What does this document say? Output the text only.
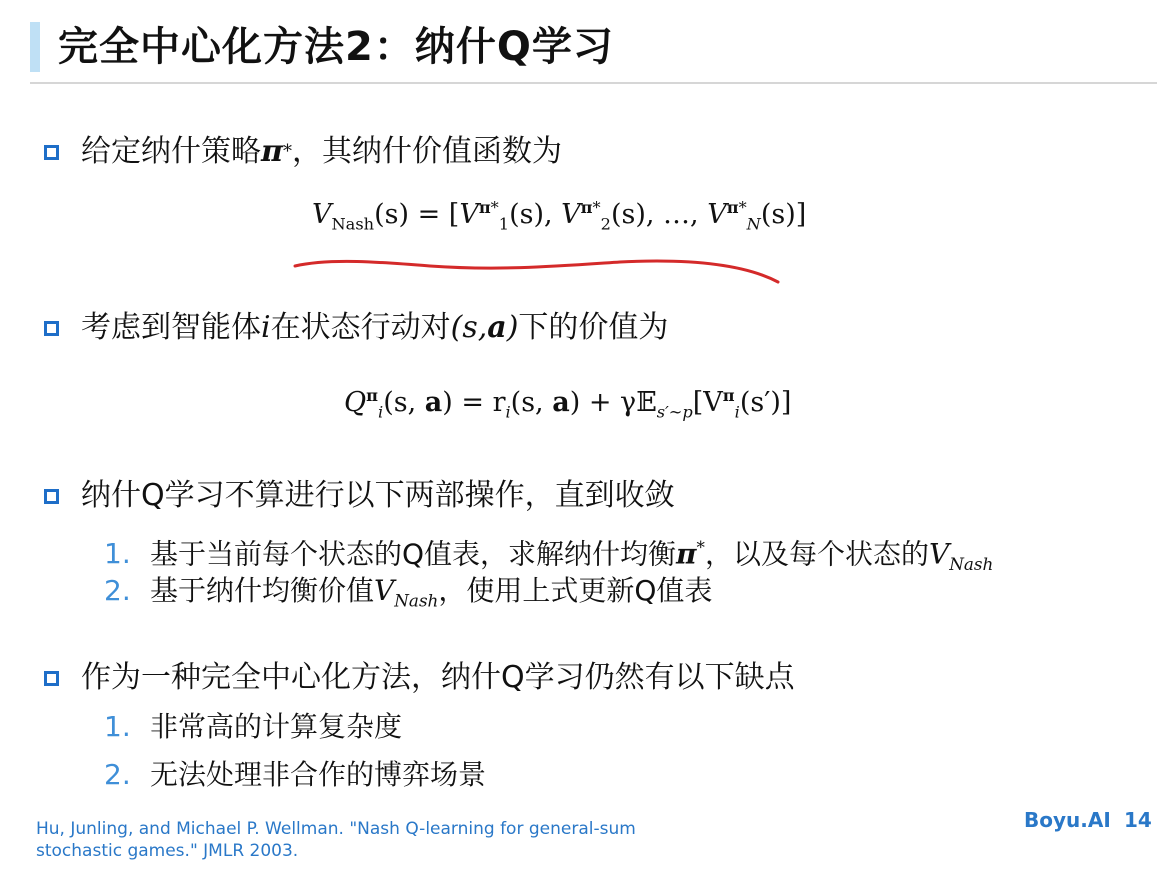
完全中心化方法2：纳什Q学习
给定纳什策略 π * ，其纳什价值函数为
$V_{Nash}(s) = [V^{\pi*}_1(s)$, $V^{\pi*}_2(s)$, …, $V^{\pi*}_N(s)$]
考虑到智能体 i 在状态行动对 (s, a ) 下的价值为
$Q^\pi_i(s$, $a) = r_i(s$, $a) + \gamma 𝔼_{s'\sim p}[V^\pi_i(s')]$
纳什Q学习不算进行以下两部操作，直到收敛
1. 基于当前每个状态的Q值表，求解纳什均衡π*，以及每个状态的$V_{Nash}$
2. 基于纳什均衡价值$V_{Nash}$，使用上式更新Q值表
作为一种完全中心化方法，纳什Q学习仍然有以下缺点
1. 非常高的计算复杂度
2. 无法处理非合作的博弈场景
Hu, Junling, and Michael P. Wellman. "Nash Q-learning for general-sum
stochastic games." JMLR 2003.
Boyu.AI 14
